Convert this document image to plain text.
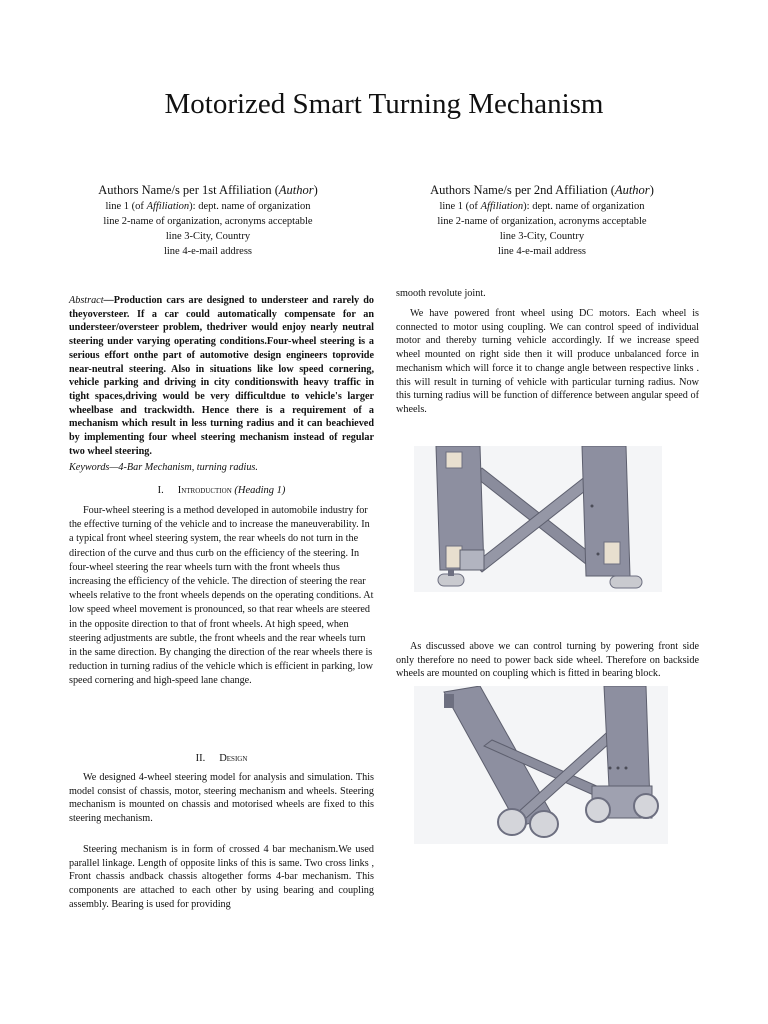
Motorized Smart Turning Mechanism
Authors Name/s per 1st Affiliation (Author)
line 1 (of Affiliation): dept. name of organization
line 2-name of organization, acronyms acceptable
line 3-City, Country
line 4-e-mail address
Authors Name/s per 2nd Affiliation (Author)
line 1 (of Affiliation): dept. name of organization
line 2-name of organization, acronyms acceptable
line 3-City, Country
line 4-e-mail address
Abstract—Production cars are designed to understeer and rarely do theyoversteer. If a car could automatically compensate for an understeer/oversteer problem, thedriver would enjoy nearly neutral steering under varying operating conditions.Four-wheel steering is a serious effort onthe part of automotive design engineers toprovide near-neutral steering. Also in situations like low speed cornering, vehicle parking and driving in city conditionswith heavy traffic in tight spaces,driving would be very difficultdue to vehicle's larger wheelbase and trackwidth. Hence there is a requirement of a mechanism which result in less turning radius and it can beachieved by implementing four wheel steering mechanism instead of regular two wheel steering.
Keywords—4-Bar Mechanism, turning radius.
I. Introduction (Heading 1)

Four-wheel steering is a method developed in automobile industry for the effective turning of the vehicle and to increase the maneuverability. In a typical front wheel steering system, the rear wheels do not turn in the direction of the curve and thus curb on the efficiency of the steering. In four-wheel steering the rear wheels turn with the front wheels thus increasing the efficiency of the vehicle. The direction of steering the rear wheels relative to the front wheels depends on the operating conditions. At low speed wheel movement is pronounced, so that rear wheels are steered in the opposite direction to that of front wheels. At high speed, when steering adjustments are subtle, the front wheels and the rear wheels turn in the same direction. By changing the direction of the rear wheels there is reduction in turning radius of the vehicle which is efficient in parking, low speed cornering and high-speed lane change.

II. Design

We designed 4-wheel steering model for analysis and simulation. This model consist of chassis, motor, steering mechanism and wheels. Steering mechanism is mounted on chassis and motorised wheels are fixed to this steering mechanism.

Steering mechanism is in form of crossed 4 bar mechanism.We used parallel linkage. Length of opposite links of this is same. Two cross links , Front chassis andback chassis altogether forms 4-bar mechanism. This components are attached to each other by using bearing and coupling assembly. Bearing is used for providing

smooth revolute joint.

We have powered front wheel using DC motors. Each wheel is connected to motor using coupling. We can control speed of individual motor and thereby turning vehicle accordingly. If we increase speed wheel mounted on right side then it will produce unbalanced force in mechanism which will force it to change angle between respective links . this will result in turning of vehicle with particular turning radius. Now this turning radius will be function of difference between angular speed of wheels.

As discussed above we can control turning by powering front side only therefore no need to power back side wheel. Therefore on backside wheels are mounted on coupling which is fitted in bearing block.
